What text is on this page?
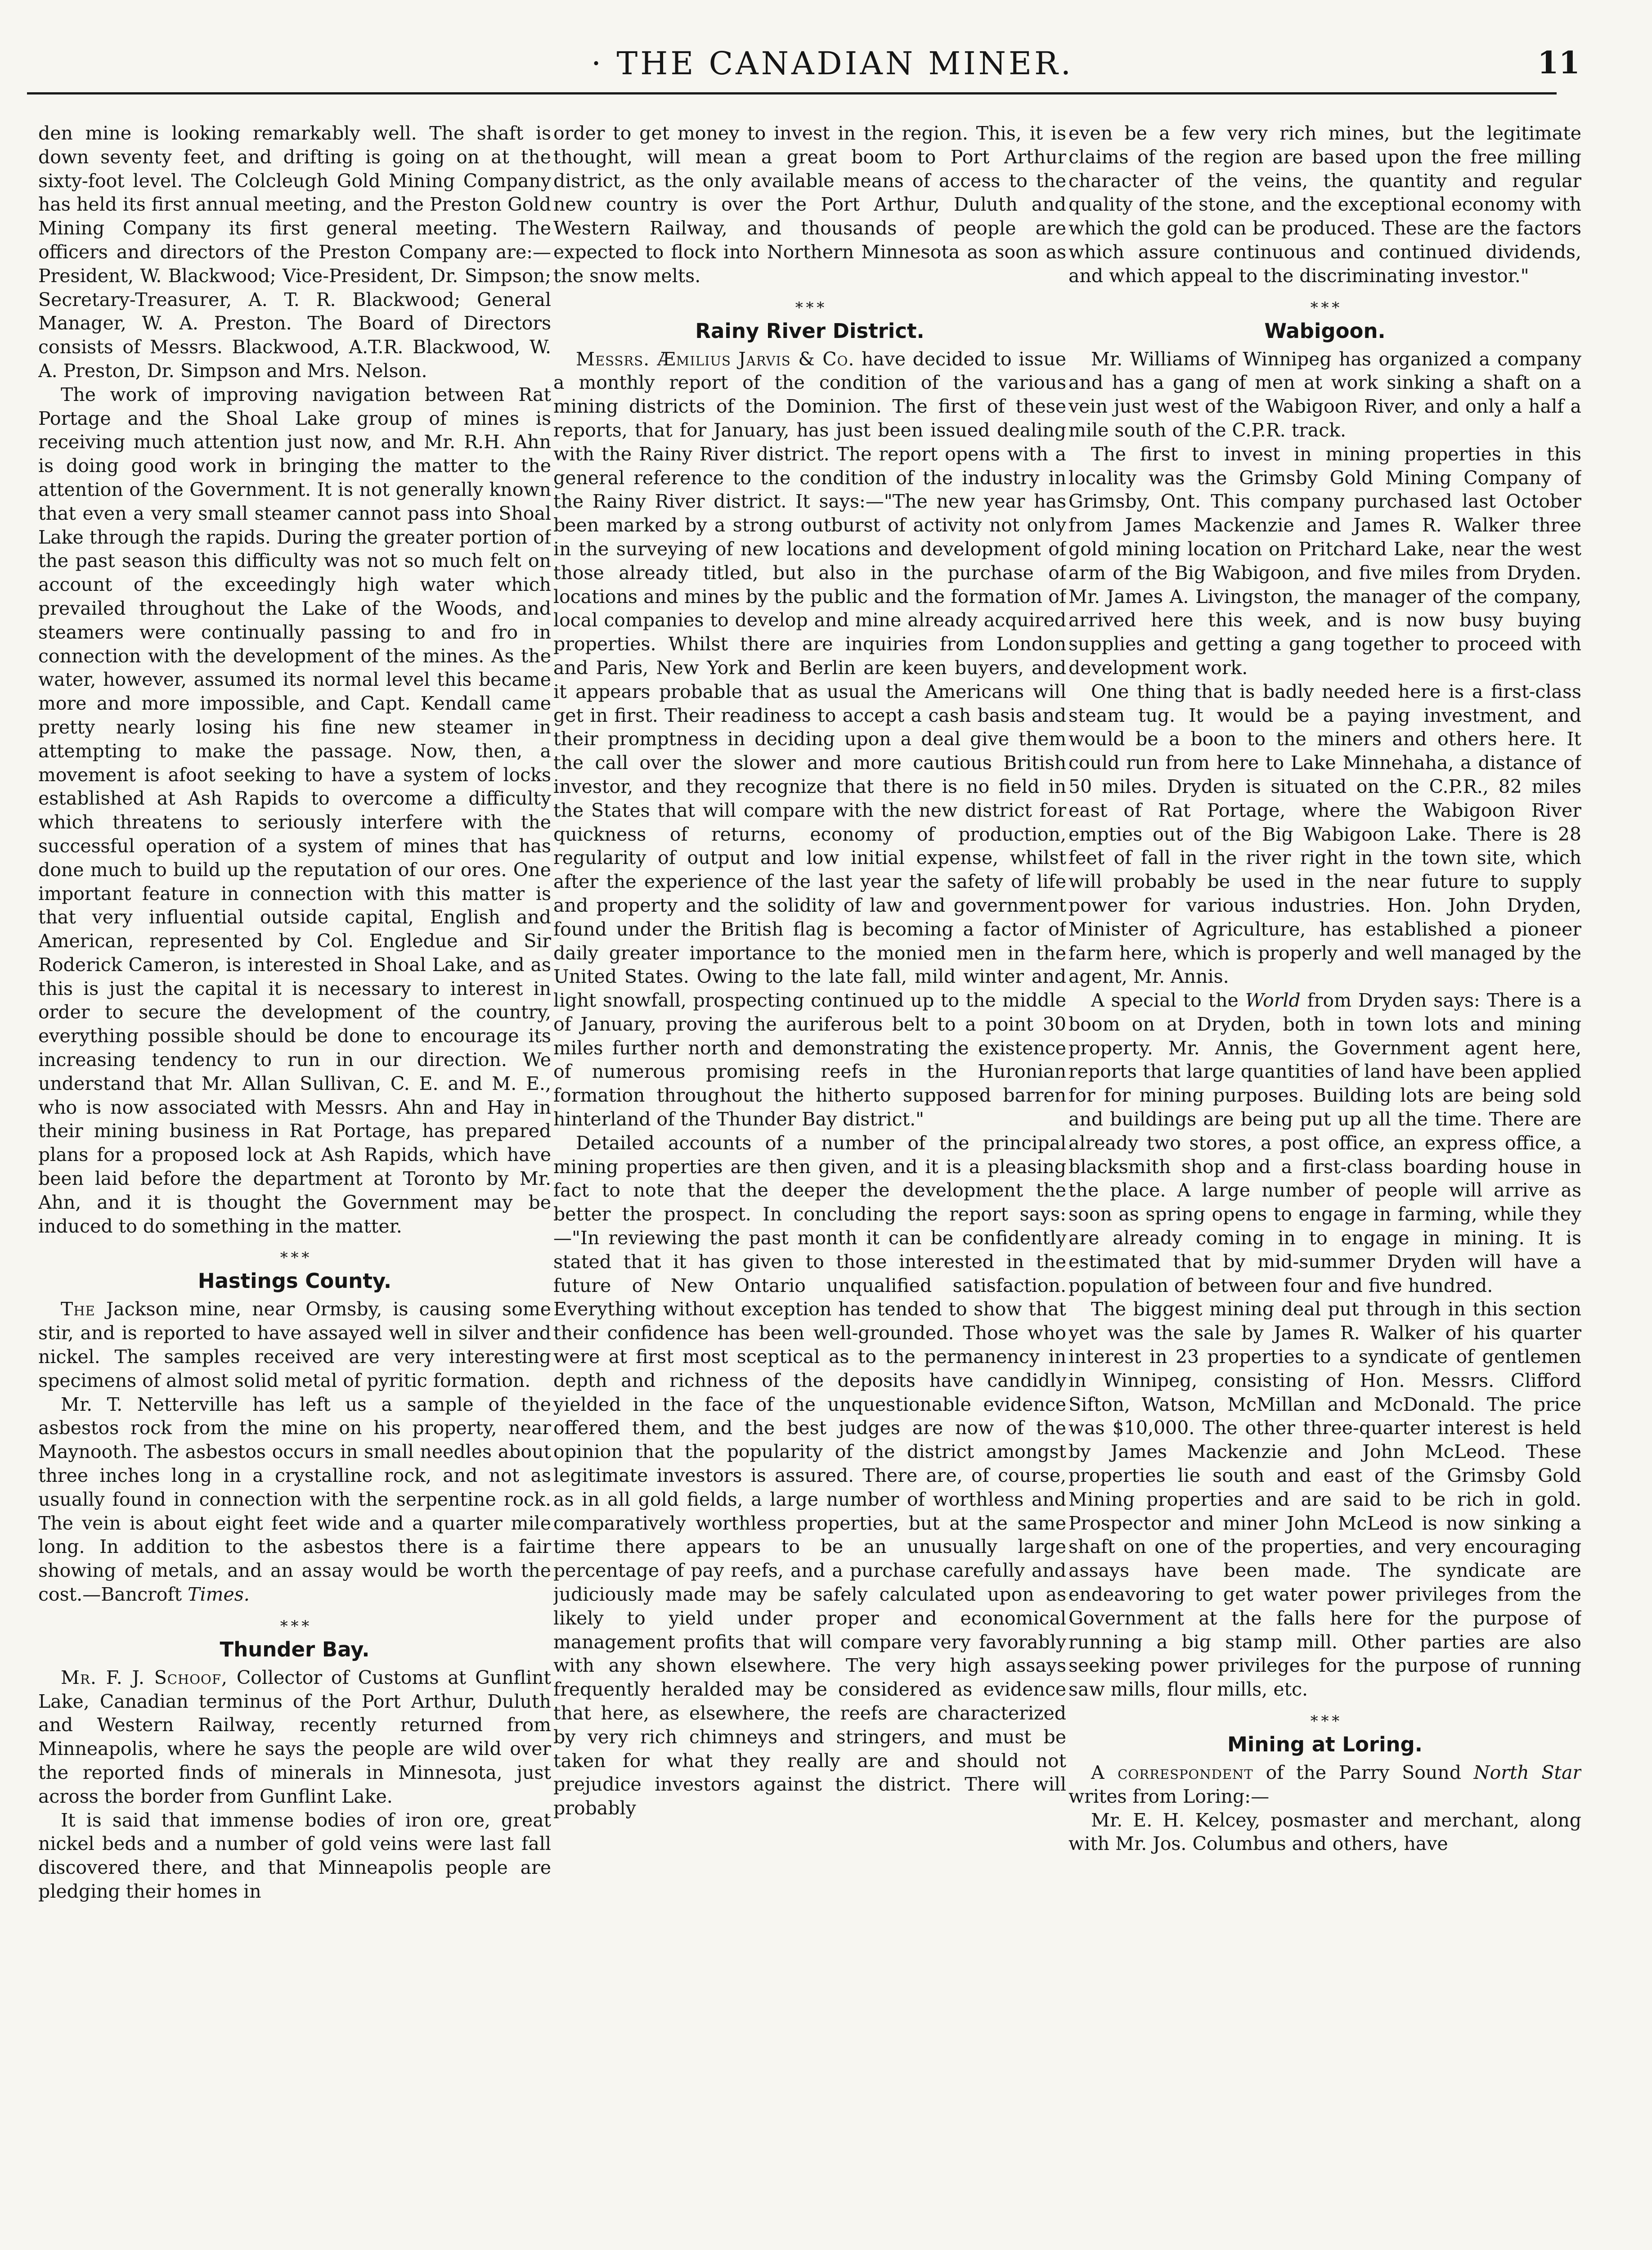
· THE CANADIAN MINER.	11

den mine is looking remarkably well. The shaft is down seventy feet, and drifting is going on at the sixty-foot level. The Colcleugh Gold Mining Company has held its first annual meeting, and the Preston Gold Mining Company its first general meeting. The officers and directors of the Preston Company are:—President, W. Blackwood; Vice-President, Dr. Simpson; Secretary-Treasurer, A. T. R. Blackwood; General Manager, W. A. Preston. The Board of Directors consists of Messrs. Blackwood, A.T.R. Blackwood, W. A. Preston, Dr. Simpson and Mrs. Nelson.

The work of improving navigation between Rat Portage and the Shoal Lake group of mines is receiving much attention just now, and Mr. R.H. Ahn is doing good work in bringing the matter to the attention of the Government. It is not generally known that even a very small steamer cannot pass into Shoal Lake through the rapids. During the greater portion of the past season this difficulty was not so much felt on account of the exceedingly high water which prevailed throughout the Lake of the Woods, and steamers were continually passing to and fro in connection with the development of the mines. As the water, however, assumed its normal level this became more and more impossible, and Capt. Kendall came pretty nearly losing his fine new steamer in attempting to make the passage. Now, then, a movement is afoot seeking to have a system of locks established at Ash Rapids to overcome a difficulty which threatens to seriously interfere with the successful operation of a system of mines that has done much to build up the reputation of our ores. One important feature in connection with this matter is that very influential outside capital, English and American, represented by Col. Engledue and Sir Roderick Cameron, is interested in Shoal Lake, and as this is just the capital it is necessary to interest in order to secure the development of the country, everything possible should be done to encourage its increasing tendency to run in our direction. We understand that Mr. Allan Sullivan, C. E. and M. E., who is now associated with Messrs. Ahn and Hay in their mining business in Rat Portage, has prepared plans for a proposed lock at Ash Rapids, which have been laid before the department at Toronto by Mr. Ahn, and it is thought the Government may be induced to do something in the matter.

* * *
Hastings County.

The Jackson mine, near Ormsby, is causing some stir, and is reported to have assayed well in silver and nickel. The samples received are very interesting specimens of almost solid metal of pyritic formation.

Mr. T. Netterville has left us a sample of the asbestos rock from the mine on his property, near Maynooth. The asbestos occurs in small needles about three inches long in a crystalline rock, and not as usually found in connection with the serpentine rock. The vein is about eight feet wide and a quarter mile long. In addition to the asbestos there is a fair showing of metals, and an assay would be worth the cost.—Bancroft Times.

* * *
Thunder Bay.

Mr. F. J. Schoof, Collector of Customs at Gunflint Lake, Canadian terminus of the Port Arthur, Duluth and Western Railway, recently returned from Minneapolis, where he says the people are wild over the reported finds of minerals in Minnesota, just across the border from Gunflint Lake.

It is said that immense bodies of iron ore, great nickel beds and a number of gold veins were last fall discovered there, and that Minneapolis people are pledging their homes in

order to get money to invest in the region. This, it is thought, will mean a great boom to Port Arthur district, as the only available means of access to the new country is over the Port Arthur, Duluth and Western Railway, and thousands of people are expected to flock into Northern Minnesota as soon as the snow melts.

* * *
Rainy River District.

Messrs. Æmilius Jarvis & Co. have decided to issue a monthly report of the condition of the various mining districts of the Dominion. The first of these reports, that for January, has just been issued dealing with the Rainy River district. The report opens with a general reference to the condition of the industry in the Rainy River district. It says:—"The new year has been marked by a strong outburst of activity not only in the surveying of new locations and development of those already titled, but also in the purchase of locations and mines by the public and the formation of local companies to develop and mine already acquired properties. Whilst there are inquiries from London and Paris, New York and Berlin are keen buyers, and it appears probable that as usual the Americans will get in first. Their readiness to accept a cash basis and their promptness in deciding upon a deal give them the call over the slower and more cautious British investor, and they recognize that there is no field in the States that will compare with the new district for quickness of returns, economy of production, regularity of output and low initial expense, whilst after the experience of the last year the safety of life and property and the solidity of law and government found under the British flag is becoming a factor of daily greater importance to the monied men in the United States. Owing to the late fall, mild winter and light snowfall, prospecting continued up to the middle of January, proving the auriferous belt to a point 30 miles further north and demonstrating the existence of numerous promising reefs in the Huronian formation throughout the hitherto supposed barren hinterland of the Thunder Bay district."

Detailed accounts of a number of the principal mining properties are then given, and it is a pleasing fact to note that the deeper the development the better the prospect. In concluding the report says:—"In reviewing the past month it can be confidently stated that it has given to those interested in the future of New Ontario unqualified satisfaction. Everything without exception has tended to show that their confidence has been well-grounded. Those who were at first most sceptical as to the permanency in depth and richness of the deposits have candidly yielded in the face of the unquestionable evidence offered them, and the best judges are now of the opinion that the popularity of the district amongst legitimate investors is assured. There are, of course, as in all gold fields, a large number of worthless and comparatively worthless properties, but at the same time there appears to be an unusually large percentage of pay reefs, and a purchase carefully and judiciously made may be safely calculated upon as likely to yield under proper and economical management profits that will compare very favorably with any shown elsewhere. The very high assays frequently heralded may be considered as evidence that here, as elsewhere, the reefs are characterized by very rich chimneys and stringers, and must be taken for what they really are and should not prejudice investors against the district. There will probably

even be a few very rich mines, but the legitimate claims of the region are based upon the free milling character of the veins, the quantity and regular quality of the stone, and the exceptional economy with which the gold can be produced. These are the factors which assure continuous and continued dividends, and which appeal to the discriminating investor."

* * *
Wabigoon.

Mr. Williams of Winnipeg has organized a company and has a gang of men at work sinking a shaft on a vein just west of the Wabigoon River, and only a half a mile south of the C.P.R. track.

The first to invest in mining properties in this locality was the Grimsby Gold Mining Company of Grimsby, Ont. This company purchased last October from James Mackenzie and James R. Walker three gold mining location on Pritchard Lake, near the west arm of the Big Wabigoon, and five miles from Dryden. Mr. James A. Livingston, the manager of the company, arrived here this week, and is now busy buying supplies and getting a gang together to proceed with development work.

One thing that is badly needed here is a first-class steam tug. It would be a paying investment, and would be a boon to the miners and others here. It could run from here to Lake Minnehaha, a distance of 50 miles. Dryden is situated on the C.P.R., 82 miles east of Rat Portage, where the Wabigoon River empties out of the Big Wabigoon Lake. There is 28 feet of fall in the river right in the town site, which will probably be used in the near future to supply power for various industries. Hon. John Dryden, Minister of Agriculture, has established a pioneer farm here, which is properly and well managed by the agent, Mr. Annis.

A special to the World from Dryden says: There is a boom on at Dryden, both in town lots and mining property. Mr. Annis, the Government agent here, reports that large quantities of land have been applied for for mining purposes. Building lots are being sold and buildings are being put up all the time. There are already two stores, a post office, an express office, a blacksmith shop and a first-class boarding house in the place. A large number of people will arrive as soon as spring opens to engage in farming, while they are already coming in to engage in mining. It is estimated that by mid-summer Dryden will have a population of between four and five hundred.

The biggest mining deal put through in this section yet was the sale by James R. Walker of his quarter interest in 23 properties to a syndicate of gentlemen in Winnipeg, consisting of Hon. Messrs. Clifford Sifton, Watson, McMillan and McDonald. The price was $10,000. The other three-quarter interest is held by James Mackenzie and John McLeod. These properties lie south and east of the Grimsby Gold Mining properties and are said to be rich in gold. Prospector and miner John McLeod is now sinking a shaft on one of the properties, and very encouraging assays have been made. The syndicate are endeavoring to get water power privileges from the Government at the falls here for the purpose of running a big stamp mill. Other parties are also seeking power privileges for the purpose of running saw mills, flour mills, etc.

* * *
Mining at Loring.

A correspondent of the Parry Sound North Star writes from Loring:—

Mr. E. H. Kelcey, posmaster and merchant, along with Mr. Jos. Columbus and others, have
